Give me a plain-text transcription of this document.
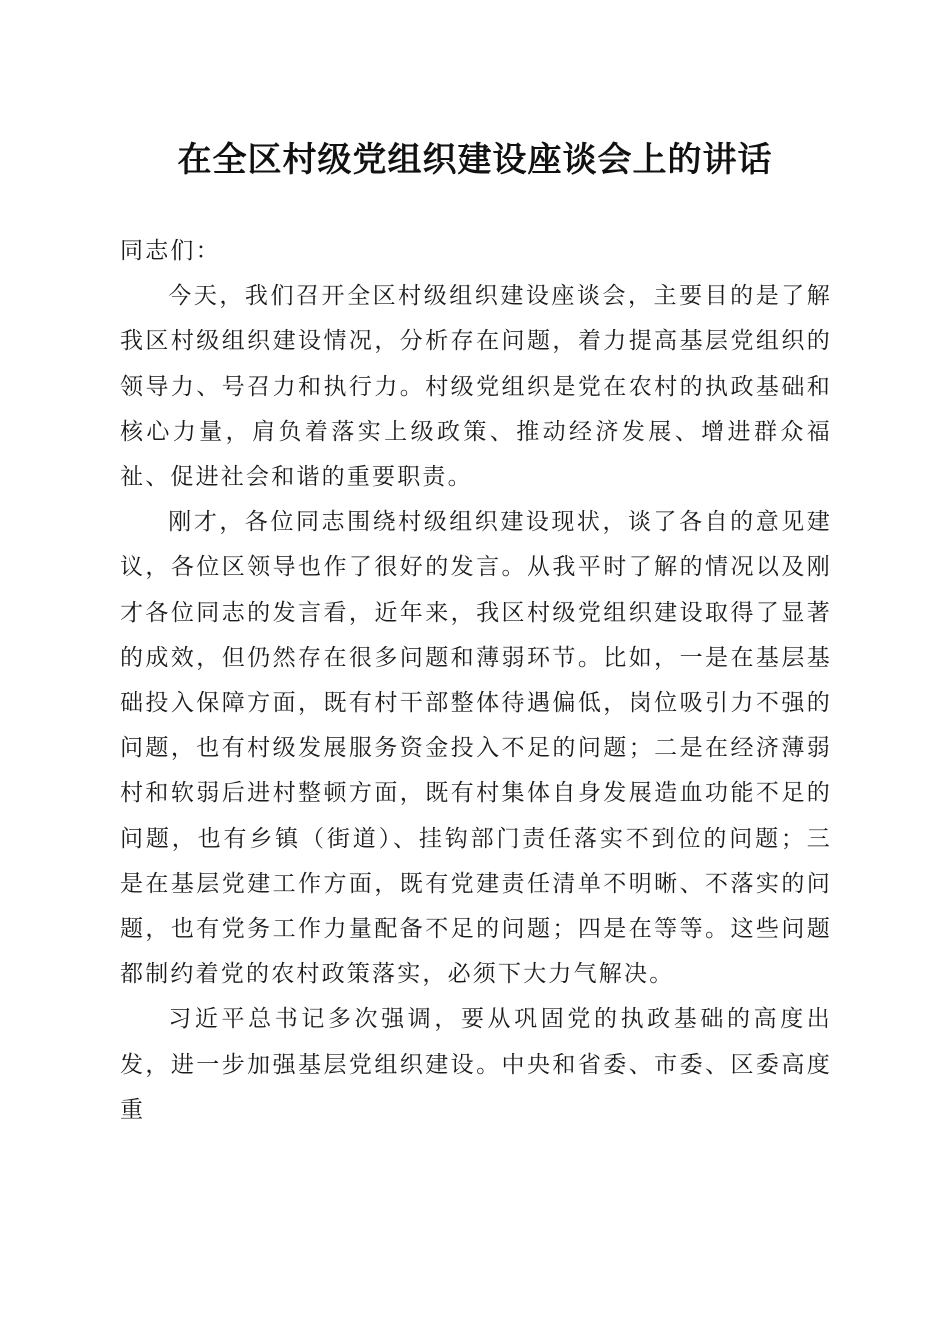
在全区村级党组织建设座谈会上的讲话

同志们：

今天，我们召开全区村级组织建设座谈会，主要目的是了解我区村级组织建设情况，分析存在问题，着力提高基层党组织的领导力、号召力和执行力。村级党组织是党在农村的执政基础和核心力量，肩负着落实上级政策、推动经济发展、增进群众福祉、促进社会和谐的重要职责。

刚才，各位同志围绕村级组织建设现状，谈了各自的意见建议，各位区领导也作了很好的发言。从我平时了解的情况以及刚才各位同志的发言看，近年来，我区村级党组织建设取得了显著的成效，但仍然存在很多问题和薄弱环节。比如，一是在基层基础投入保障方面，既有村干部整体待遇偏低，岗位吸引力不强的问题，也有村级发展服务资金投入不足的问题；二是在经济薄弱村和软弱后进村整顿方面，既有村集体自身发展造血功能不足的问题，也有乡镇（街道）、挂钩部门责任落实不到位的问题；三是在基层党建工作方面，既有党建责任清单不明晰、不落实的问题，也有党务工作力量配备不足的问题；四是在等等。这些问题都制约着党的农村政策落实，必须下大力气解决。

习近平总书记多次强调，要从巩固党的执政基础的高度出发，进一步加强基层党组织建设。中央和省委、市委、区委高度重
